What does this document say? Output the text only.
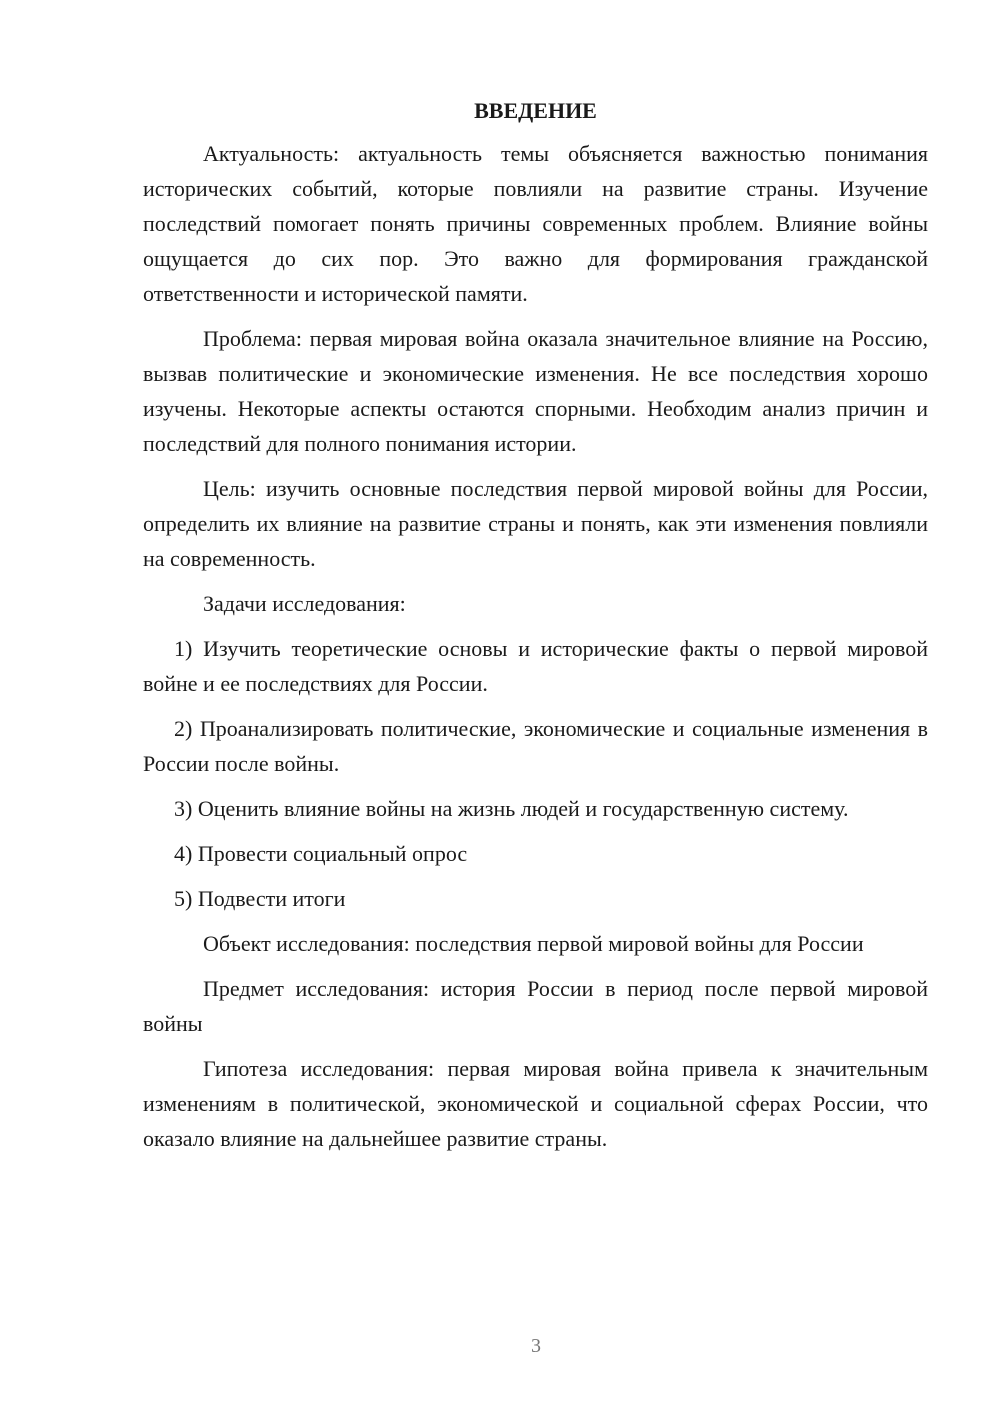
ВВЕДЕНИЕ

Актуальность: актуальность темы объясняется важностью понимания исторических событий, которые повлияли на развитие страны. Изучение последствий помогает понять причины современных проблем. Влияние войны ощущается до сих пор. Это важно для формирования гражданской ответственности и исторической памяти.

Проблема: первая мировая война оказала значительное влияние на Россию, вызвав политические и экономические изменения. Не все последствия хорошо изучены. Некоторые аспекты остаются спорными. Необходим анализ причин и последствий для полного понимания истории.

Цель: изучить основные последствия первой мировой войны для России, определить их влияние на развитие страны и понять, как эти изменения повлияли на современность.

Задачи исследования:

1) Изучить теоретические основы и исторические факты о первой мировой войне и ее последствиях для России.

2) Проанализировать политические, экономические и социальные изменения в России после войны.

3) Оценить влияние войны на жизнь людей и государственную систему.

4) Провести социальный опрос

5) Подвести итоги

Объект исследования: последствия первой мировой войны для России

Предмет исследования: история России в период после первой мировой войны

Гипотеза исследования: первая мировая война привела к значительным изменениям в политической, экономической и социальной сферах России, что оказало влияние на дальнейшее развитие страны.

3
